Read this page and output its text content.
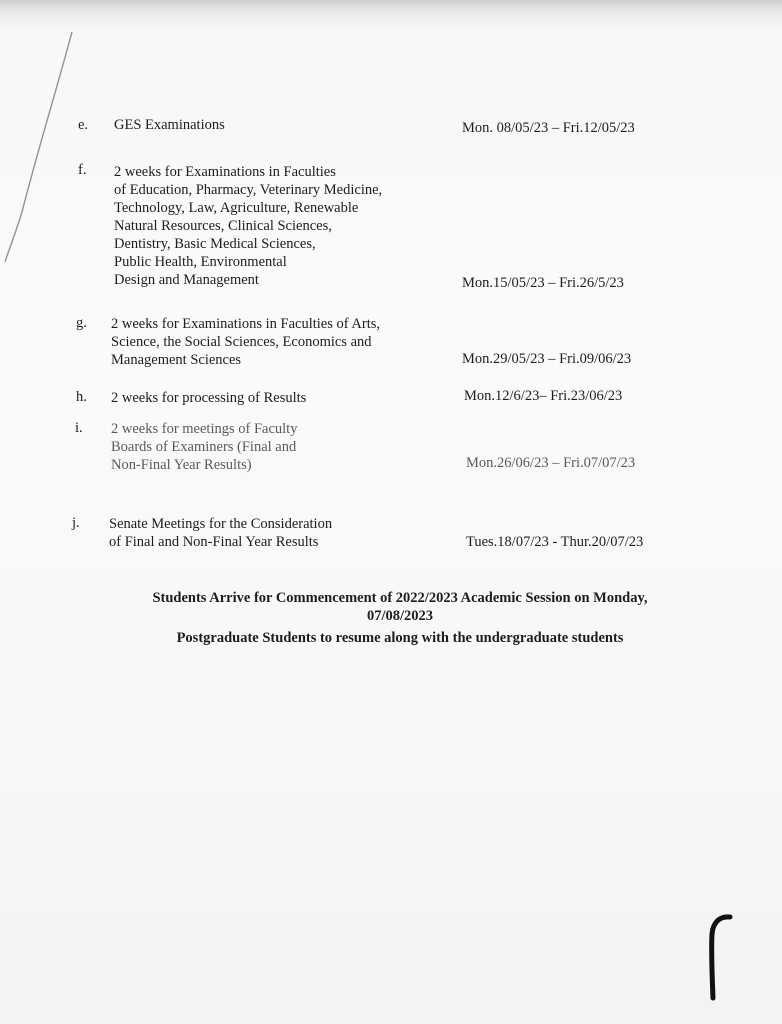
e. GES Examinations	Mon. 08/05/23 – Fri.12/05/23
f. 2 weeks for Examinations in Faculties
of Education, Pharmacy, Veterinary Medicine,
Technology, Law, Agriculture, Renewable
Natural Resources, Clinical Sciences,
Dentistry, Basic Medical Sciences,
Public Health, Environmental
Design and Management	Mon.15/05/23 – Fri.26/5/23
g. 2 weeks for Examinations in Faculties of Arts,
Science, the Social Sciences, Economics and
Management Sciences	Mon.29/05/23 – Fri.09/06/23
h. 2 weeks for processing of Results	Mon.12/6/23– Fri.23/06/23
i. 2 weeks for meetings of Faculty
Boards of Examiners (Final and
Non-Final Year Results)	Mon.26/06/23 – Fri.07/07/23
j. Senate Meetings for the Consideration
of Final and Non-Final Year Results	Tues.18/07/23 - Thur.20/07/23
Students Arrive for Commencement of 2022/2023 Academic Session on Monday,
07/08/2023
Postgraduate Students to resume along with the undergraduate students
